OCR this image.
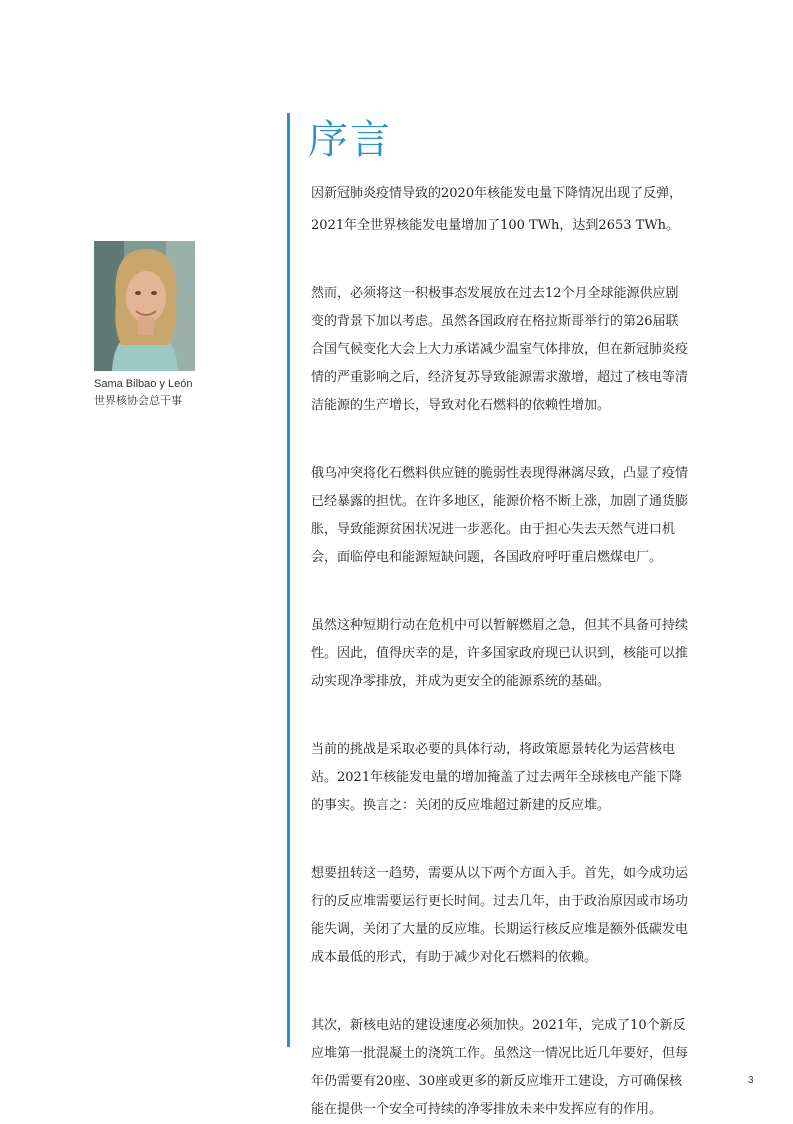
序言
Sama Bilbao y León
世界核协会总干事

因新冠肺炎疫情导致的2020年核能发电量下降情况出现了反弹，2021年全世界核能发电量增加了100 TWh，达到2653 TWh。

然而，必须将这一积极事态发展放在过去12个月全球能源供应剧变的背景下加以考虑。虽然各国政府在格拉斯哥举行的第26届联合国气候变化大会上大力承诺减少温室气体排放，但在新冠肺炎疫情的严重影响之后，经济复苏导致能源需求激增，超过了核电等清洁能源的生产增长，导致对化石燃料的依赖性增加。

俄乌冲突将化石燃料供应链的脆弱性表现得淋漓尽致，凸显了疫情已经暴露的担忧。在许多地区，能源价格不断上涨，加剧了通货膨胀，导致能源贫困状况进一步恶化。由于担心失去天然气进口机会，面临停电和能源短缺问题，各国政府呼吁重启燃煤电厂。

虽然这种短期行动在危机中可以暂解燃眉之急，但其不具备可持续性。因此，值得庆幸的是，许多国家政府现已认识到，核能可以推动实现净零排放，并成为更安全的能源系统的基础。

当前的挑战是采取必要的具体行动，将政策愿景转化为运营核电站。2021年核能发电量的增加掩盖了过去两年全球核电产能下降的事实。换言之：关闭的反应堆超过新建的反应堆。

想要扭转这一趋势，需要从以下两个方面入手。首先，如今成功运行的反应堆需要运行更长时间。过去几年，由于政治原因或市场功能失调，关闭了大量的反应堆。长期运行核反应堆是额外低碳发电成本最低的形式，有助于减少对化石燃料的依赖。

其次，新核电站的建设速度必须加快。2021年，完成了10个新反应堆第一批混凝土的浇筑工作。虽然这一情况比近几年要好，但每年仍需要有20座、30座或更多的新反应堆开工建设，方可确保核能在提供一个安全可持续的净零排放未来中发挥应有的作用。

3
